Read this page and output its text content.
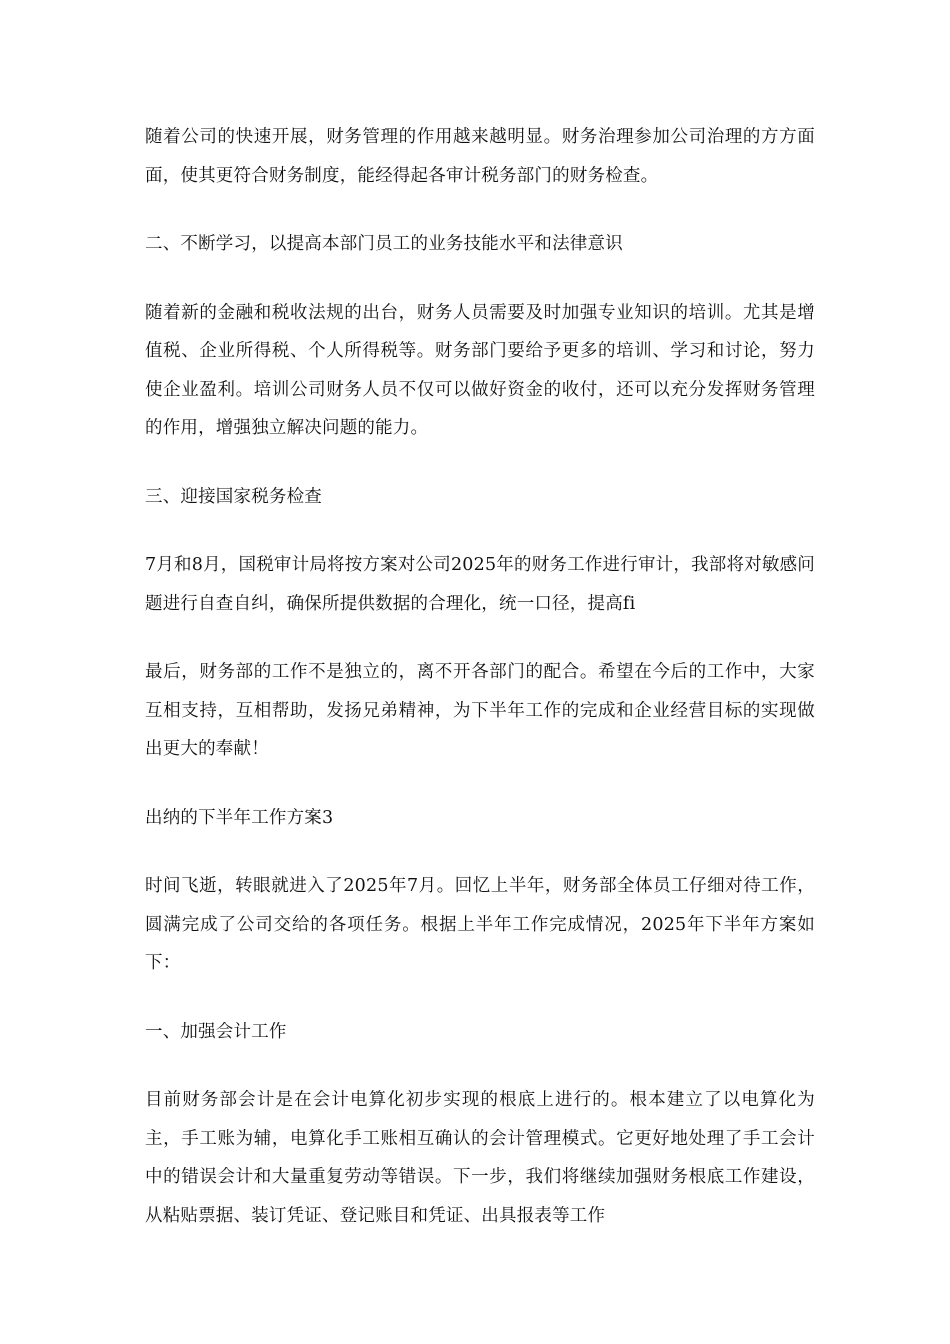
随着公司的快速开展，财务管理的作用越来越明显。财务治理参加公司治理的方方面面，使其更符合财务制度，能经得起各审计税务部门的财务检查。

二、不断学习，以提高本部门员工的业务技能水平和法律意识

随着新的金融和税收法规的出台，财务人员需要及时加强专业知识的培训。尤其是增值税、企业所得税、个人所得税等。财务部门要给予更多的培训、学习和讨论，努力使企业盈利。培训公司财务人员不仅可以做好资金的收付，还可以充分发挥财务管理的作用，增强独立解决问题的能力。

三、迎接国家税务检查

7月和8月，国税审计局将按方案对公司2025年的财务工作进行审计，我部将对敏感问题进行自查自纠，确保所提供数据的合理化，统一口径，提高fi

最后，财务部的工作不是独立的，离不开各部门的配合。希望在今后的工作中，大家互相支持，互相帮助，发扬兄弟精神，为下半年工作的完成和企业经营目标的实现做出更大的奉献！

出纳的下半年工作方案3

时间飞逝，转眼就进入了2025年7月。回忆上半年，财务部全体员工仔细对待工作，圆满完成了公司交给的各项任务。根据上半年工作完成情况，2025年下半年方案如下：

一、加强会计工作

目前财务部会计是在会计电算化初步实现的根底上进行的。根本建立了以电算化为主，手工账为辅，电算化手工账相互确认的会计管理模式。它更好地处理了手工会计中的错误会计和大量重复劳动等错误。下一步，我们将继续加强财务根底工作建设，从粘贴票据、装订凭证、登记账目和凭证、出具报表等工作
